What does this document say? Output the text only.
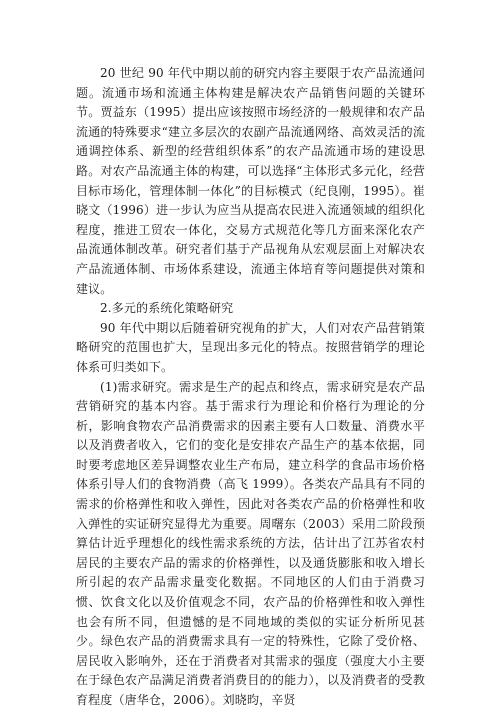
20 世纪 90 年代中期以前的研究内容主要限于农产品流通问题。流通市场和流通主体构建是解决农产品销售问题的关键环节。贾益东（1995）提出应该按照市场经济的一般规律和农产品流通的特殊要求“建立多层次的农副产品流通网络、高效灵活的流通调控体系、新型的经营组织体系”的农产品流通市场的建设思路。对农产品流通主体的构建，可以选择“主体形式多元化，经营目标市场化，管理体制一体化”的目标模式（纪良刚，1995）。崔晓文（1996）进一步认为应当从提高农民进入流通领域的组织化程度，推进工贸农一体化，交易方式规范化等几方面来深化农产品流通体制改革。研究者们基于产品视角从宏观层面上对解决农产品流通体制、市场体系建设，流通主体培育等问题提供对策和建议。

2.多元的系统化策略研究

90 年代中期以后随着研究视角的扩大，人们对农产品营销策略研究的范围也扩大，呈现出多元化的特点。按照营销学的理论体系可归类如下。

(1)需求研究。需求是生产的起点和终点，需求研究是农产品营销研究的基本内容。基于需求行为理论和价格行为理论的分析，影响食物农产品消费需求的因素主要有人口数量、消费水平以及消费者收入，它们的变化是安排农产品生产的基本依据，同时要考虑地区差异调整农业生产布局，建立科学的食品市场价格体系引导人们的食物消费（高飞 1999）。各类农产品具有不同的需求的价格弹性和收入弹性，因此对各类农产品的价格弹性和收入弹性的实证研究显得尤为重要。周曙东（2003）采用二阶段预算估计近乎理想化的线性需求系统的方法，估计出了江苏省农村居民的主要农产品的需求的价格弹性，以及通货膨胀和收入增长所引起的农产品需求量变化数据。不同地区的人们由于消费习惯、饮食文化以及价值观念不同，农产品的价格弹性和收入弹性也会有所不同，但遗憾的是不同地域的类似的实证分析所见甚少。绿色农产品的消费需求具有一定的特殊性，它除了受价格、居民收入影响外，还在于消费者对其需求的强度（强度大小主要在于绿色农产品满足消费者消费目的的能力），以及消费者的受教育程度（唐华仓，2006）。刘晓昀，辛贤
